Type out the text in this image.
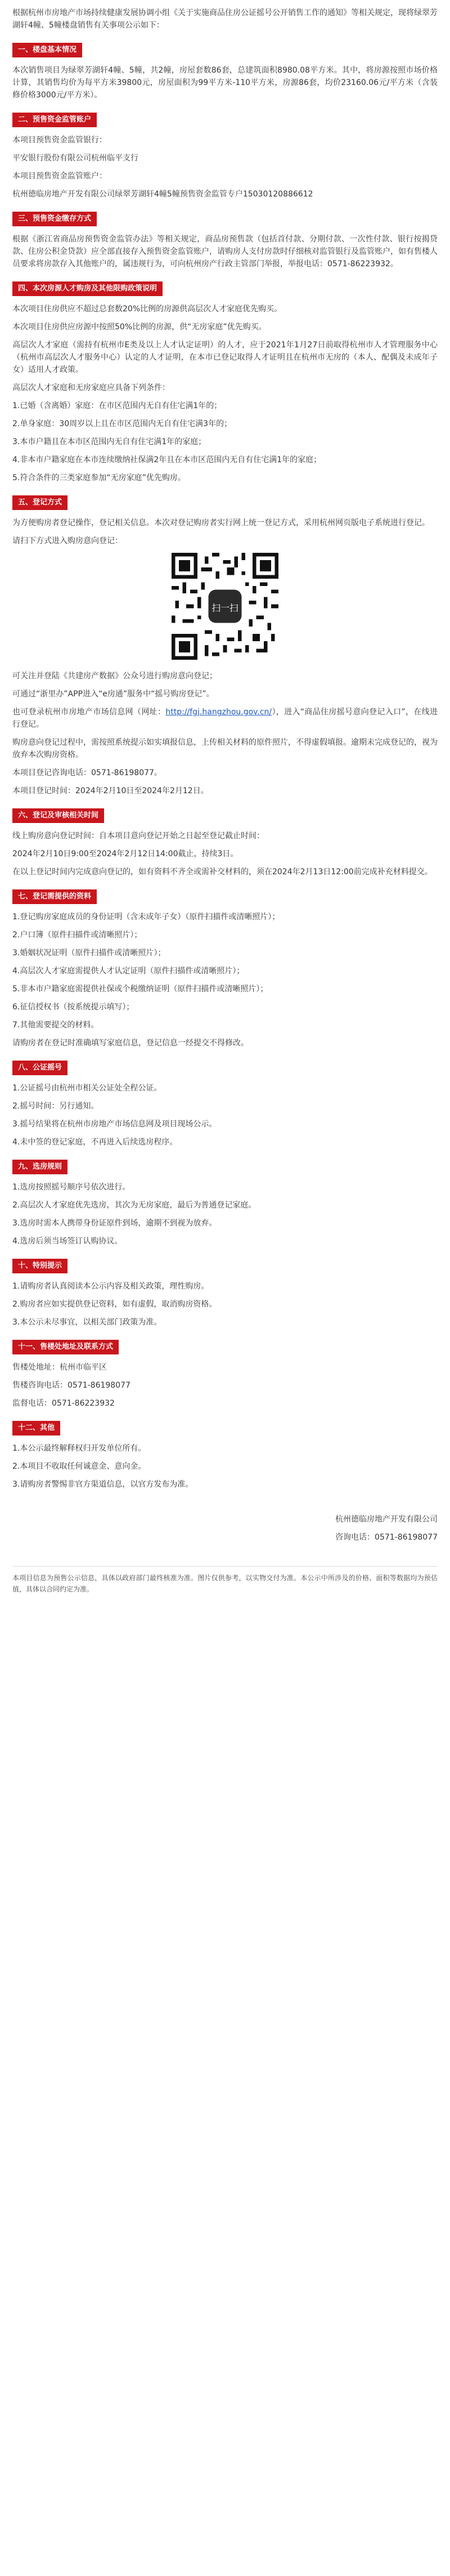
根据杭州市房地产市场持续健康发展协调小组《关于实施商品住房公证摇号公开销售工作的通知》等相关规定，现将绿翠芳湖轩4幢、5幢楼盘销售有关事项公示如下：

一、楼盘基本情况

本次销售项目为绿翠芳湖轩4幢、5幢，共2幢，房屋套数86套，总建筑面积8980.08平方米。其中，将房源按照市场价格计算，其销售均价为每平方米39800元，房屋面积为99平方米-110平方米，房源86套，均价23160.06元/平方米（含装修价格3000元/平方米）。

二、预售资金监管账户

本项目预售资金监管银行：

平安银行股份有限公司杭州临平支行

本项目预售资金监管账户：

杭州德临房地产开发有限公司绿翠芳湖轩4幢5幢预售资金监管专户15030120886612

三、预售资金缴存方式

根据《浙江省商品房预售资金监管办法》等相关规定，商品房预售款（包括首付款、分期付款、一次性付款、银行按揭贷款、住房公积金贷款）应全部直接存入预售资金监管账户，请购房人支付房款时仔细核对监管银行及监管账户，如有售楼人员要求将房款存入其他账户的，属违规行为，可向杭州房产行政主管部门举报，举报电话：0571-86223932。

四、本次房源人才购房及其他限购政策说明

本次项目住房供应不超过总套数20%比例的房源供高层次人才家庭优先购买。

本次项目住房供应房源中按照50%比例的房源，供“无房家庭”优先购买。

高层次人才家庭（需持有杭州市E类及以上人才认定证明）的人才，应于2021年1月27日前取得杭州市人才管理服务中心（杭州市高层次人才服务中心）认定的人才证明，在本市已登记取得人才证明且在杭州市无房的（本人、配偶及未成年子女）适用人才政策。

高层次人才家庭和无房家庭应具备下列条件：

1.已婚（含离婚）家庭：在市区范围内无自有住宅满1年的；

2.单身家庭：30周岁以上且在市区范围内无自有住宅满3年的；

3.本市户籍且在本市区范围内无自有住宅满1年的家庭；

4.非本市户籍家庭在本市连续缴纳社保满2年且在本市区范围内无自有住宅满1年的家庭；

5.符合条件的三类家庭参加“无房家庭”优先购房。

五、登记方式

为方便购房者登记操作，登记相关信息。本次对登记购房者实行网上统一登记方式，采用杭州网页版电子系统进行登记。

请扫下方式进入购房意向登记：

扫一扫

可关注并登陆《共建房产数据》公众号进行购房意向登记；

可通过“浙里办”APP进入“e房通”服务中“摇号购房登记”。

也可登录杭州市房地产市场信息网（网址：http://fgj.hangzhou.gov.cn/），进入“商品住房摇号意向登记入口”，在线进行登记。

购房意向登记过程中，需按照系统提示如实填报信息，上传相关材料的原件照片，不得虚假填报。逾期未完成登记的，视为放弃本次购房资格。

本项目登记咨询电话：0571-86198077。

本项目登记时间：2024年2月10日至2024年2月12日。

六、登记及审核相关时间

线上购房意向登记时间：自本项目意向登记开始之日起至登记截止时间：

2024年2月10日9:00至2024年2月12日14:00截止，持续3日。

在以上登记时间内完成意向登记的，如有资料不齐全或需补交材料的，须在2024年2月13日12:00前完成补充材料提交。

七、登记需提供的资料

1.登记购房家庭成员的身份证明（含未成年子女）（原件扫描件或清晰照片）；

2.户口簿（原件扫描件或清晰照片）；

3.婚姻状况证明（原件扫描件或清晰照片）；

4.高层次人才家庭需提供人才认定证明（原件扫描件或清晰照片）；

5.非本市户籍家庭需提供社保或个税缴纳证明（原件扫描件或清晰照片）；

6.征信授权书（按系统提示填写）；

7.其他需要提交的材料。

请购房者在登记时准确填写家庭信息，登记信息一经提交不得修改。

八、公证摇号

1.公证摇号由杭州市相关公证处全程公证。

2.摇号时间：另行通知。

3.摇号结果将在杭州市房地产市场信息网及项目现场公示。

4.未中签的登记家庭，不再进入后续选房程序。

九、选房规则

1.选房按照摇号顺序号依次进行。

2.高层次人才家庭优先选房，其次为无房家庭，最后为普通登记家庭。

3.选房时需本人携带身份证原件到场，逾期不到视为放弃。

4.选房后须当场签订认购协议。

十、特别提示

1.请购房者认真阅读本公示内容及相关政策，理性购房。

2.购房者应如实提供登记资料，如有虚假，取消购房资格。

3.本公示未尽事宜，以相关部门政策为准。

十一、售楼处地址及联系方式

售楼处地址：杭州市临平区

售楼咨询电话：0571-86198077

监督电话：0571-86223932

十二、其他

1.本公示最终解释权归开发单位所有。

2.本项目不收取任何诚意金、意向金。

3.请购房者警惕非官方渠道信息，以官方发布为准。

杭州德临房地产开发有限公司

咨询电话：0571-86198077

本项目信息为预售公示信息，具体以政府部门最终核准为准。图片仅供参考，以实物交付为准。本公示中所涉及的价格、面积等数据均为预估值，具体以合同约定为准。
